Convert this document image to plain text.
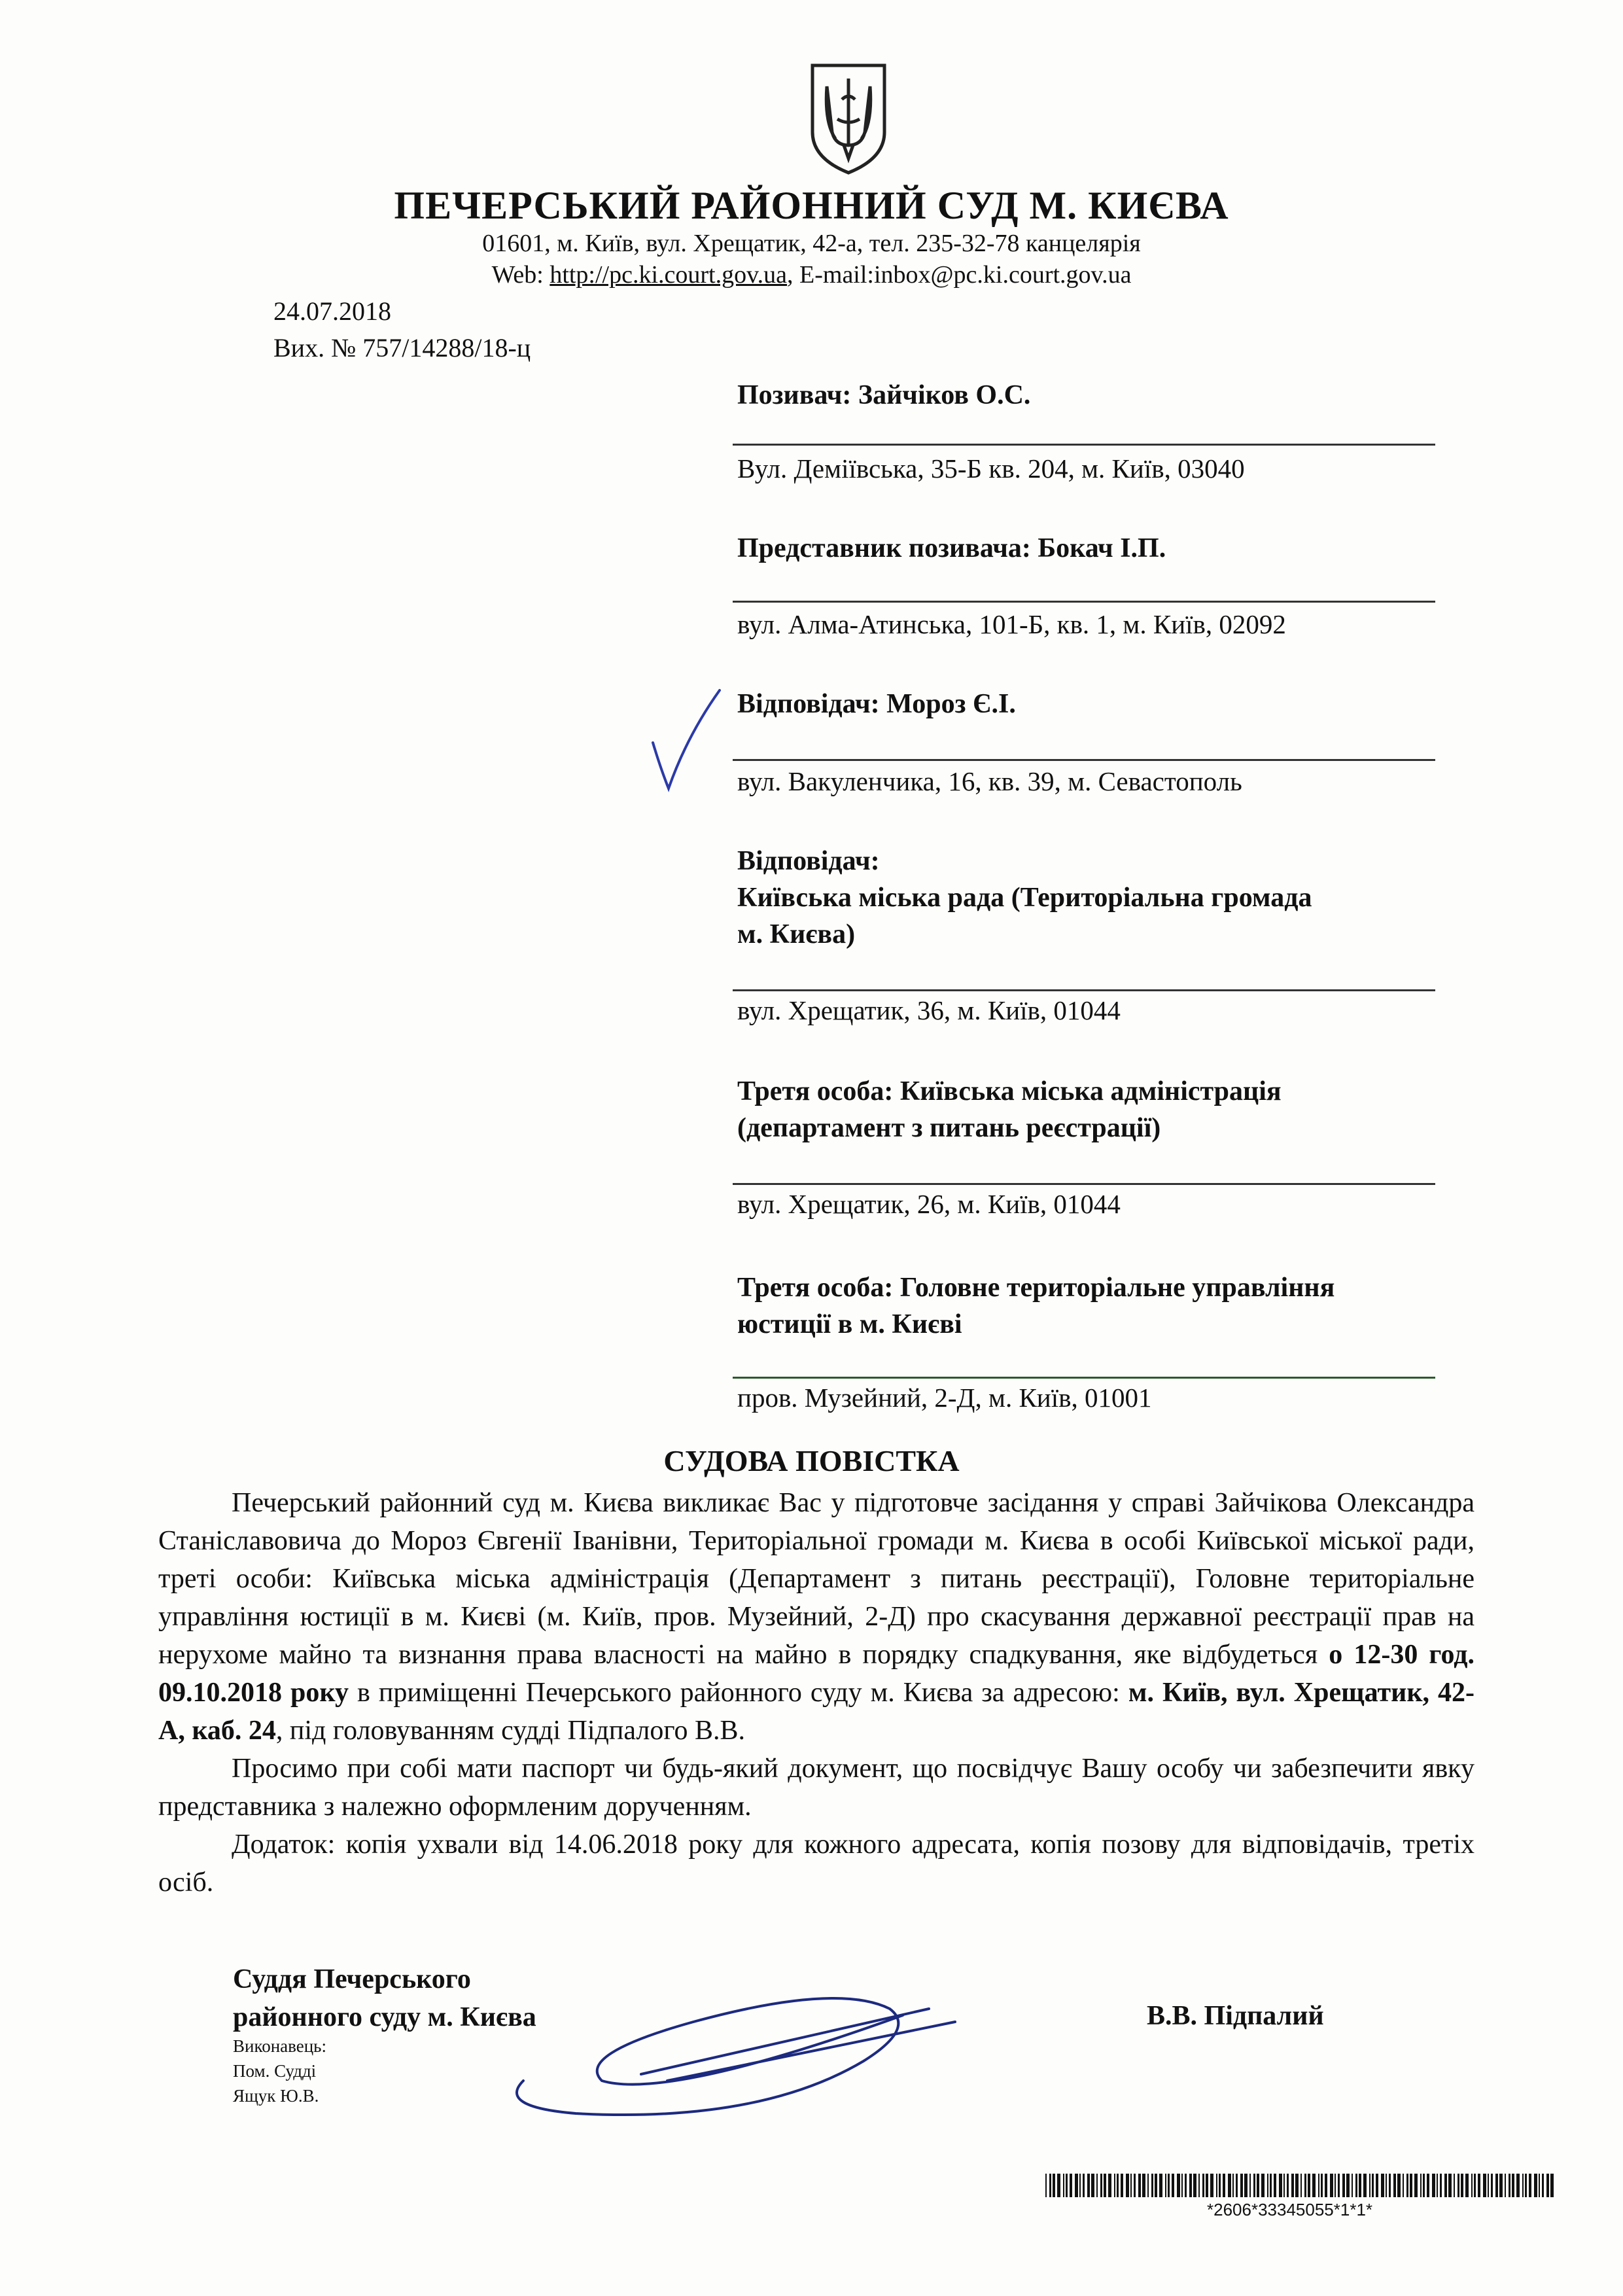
ПЕЧЕРСЬКИЙ РАЙОННИЙ СУД М. КИЄВА
01601, м. Київ, вул. Хрещатик, 42-а, тел. 235-32-78 канцелярія
Web: http://pc.ki.court.gov.ua, E-mail:inbox@pc.ki.court.gov.ua
24.07.2018
Вих. № 757/14288/18-ц
Позивач: Зайчіков О.С.
Вул. Деміївська, 35-Б кв. 204, м. Київ, 03040
Представник позивача: Бокач І.П.
вул. Алма-Атинська, 101-Б, кв. 1, м. Київ, 02092
Відповідач: Мороз Є.І.
вул. Вакуленчика, 16, кв. 39, м. Севастополь
Відповідач:
Київська міська рада (Територіальна громада
м. Києва)
вул. Хрещатик, 36, м. Київ, 01044
Третя особа: Київська міська адміністрація
(департамент з питань реєстрації)
вул. Хрещатик, 26, м. Київ, 01044
Третя особа: Головне територіальне управління
юстиції в м. Києві
пров. Музейний, 2-Д, м. Київ, 01001
СУДОВА ПОВІСТКА

Печерський районний суд м. Києва викликає Вас у підготовче засідання у справі Зайчікова Олександра Станіславовича до Мороз Євгенії Іванівни, Територіальної громади м. Києва в особі Київської міської ради, треті особи: Київська міська адміністрація (Департамент з питань реєстрації), Головне територіальне управління юстиції в м. Києві (м. Київ, пров. Музейний, 2-Д) про скасування державної реєстрації прав на нерухоме майно та визнання права власності на майно в порядку спадкування, яке відбудеться о 12-30 год. 09.10.2018 року в приміщенні Печерського районного суду м. Києва за адресою: м. Київ, вул. Хрещатик, 42-А, каб. 24, під головуванням судді Підпалого В.В.

Просимо при собі мати паспорт чи будь-який документ, що посвідчує Вашу особу чи забезпечити явку представника з належно оформленим дорученням.

Додаток: копія ухвали від 14.06.2018 року для кожного адресата, копія позову для відповідачів, третіх осіб.

Суддя Печерського
районного суду м. Києва	В.В. Підпалий
Виконавець:
Пом. Судді
Ящук Ю.В.
*2606*33345055*1*1*
